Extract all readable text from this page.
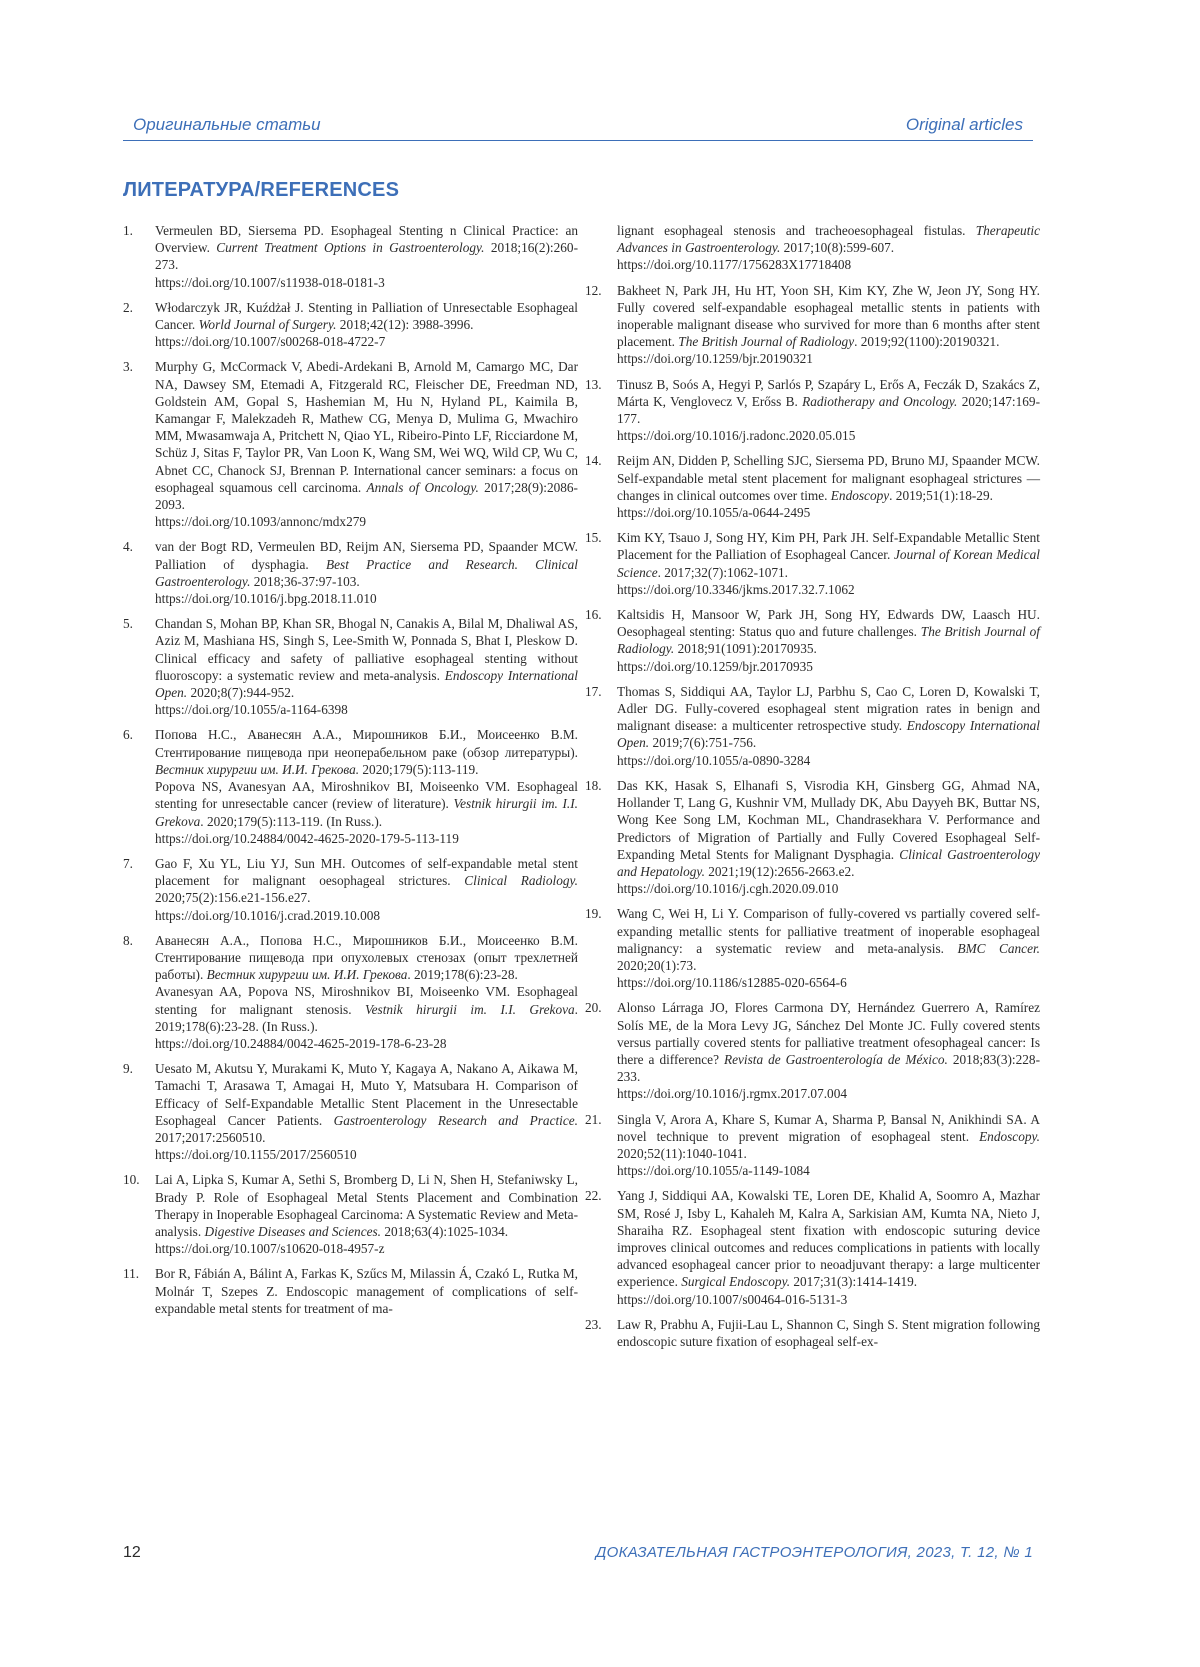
Оригинальные статьи	Original articles
ЛИТЕРАТУРА/REFERENCES
1.	Vermeulen BD, Siersema PD. Esophageal Stenting n Clinical Practice: an Overview. Current Treatment Options in Gastroenterology. 2018;16(2):260-273.
https://doi.org/10.1007/s11938-018-0181-3
2.	Włodarczyk JR, Kuźdżał J. Stenting in Palliation of Unresectable Esophageal Cancer. World Journal of Surgery. 2018;42(12): 3988-3996.
https://doi.org/10.1007/s00268-018-4722-7
3.	Murphy G, McCormack V, Abedi-Ardekani B, Arnold M, Camargo MC, Dar NA, Dawsey SM, Etemadi A, Fitzgerald RC, Fleischer DE, Freedman ND, Goldstein AM, Gopal S, Hashemian M, Hu N, Hyland PL, Kaimila B, Kamangar F, Malekzadeh R, Mathew CG, Menya D, Mulima G, Mwachiro MM, Mwasamwaja A, Pritchett N, Qiao YL, Ribeiro-Pinto LF, Ricciardone M, Schüz J, Sitas F, Taylor PR, Van Loon K, Wang SM, Wei WQ, Wild CP, Wu C, Abnet CC, Chanock SJ, Brennan P. International cancer seminars: a focus on esophageal squamous cell carcinoma. Annals of Oncology. 2017;28(9):2086-2093.
https://doi.org/10.1093/annonc/mdx279
4.	van der Bogt RD, Vermeulen BD, Reijm AN, Siersema PD, Spaander MCW. Palliation of dysphagia. Best Practice and Research. Clinical Gastroenterology. 2018;36-37:97-103.
https://doi.org/10.1016/j.bpg.2018.11.010
5.	Chandan S, Mohan BP, Khan SR, Bhogal N, Canakis A, Bilal M, Dhaliwal AS, Aziz M, Mashiana HS, Singh S, Lee-Smith W, Ponnada S, Bhat I, Pleskow D. Clinical efficacy and safety of palliative esophageal stenting without fluoroscopy: a systematic review and meta-analysis. Endoscopy International Open. 2020;8(7):944-952.
https://doi.org/10.1055/a-1164-6398
6.	Попова Н.С., Аванесян А.А., Мирошников Б.И., Моисеенко В.М. Стентирование пищевода при неоперабельном раке (обзор литературы). Вестник хирургии им. И.И. Грекова. 2020;179(5):113-119.
Popova NS, Avanesyan AA, Miroshnikov BI, Moiseenko VM. Esophageal stenting for unresectable cancer (review of literature). Vestnik hirurgii im. I.I. Grekova. 2020;179(5):113-119. (In Russ.).
https://doi.org/10.24884/0042-4625-2020-179-5-113-119
7.	Gao F, Xu YL, Liu YJ, Sun MH. Outcomes of self-expandable metal stent placement for malignant oesophageal strictures. Clinical Radiology. 2020;75(2):156.e21-156.e27.
https://doi.org/10.1016/j.crad.2019.10.008
8.	Аванесян А.А., Попова Н.С., Мирошников Б.И., Моисеенко В.М. Стентирование пищевода при опухолевых стенозах (опыт трехлетней работы). Вестник хирургии им. И.И. Грекова. 2019;178(6):23-28.
Avanesyan AA, Popova NS, Miroshnikov BI, Moiseenko VM. Esophageal stenting for malignant stenosis. Vestnik hirurgii im. I.I. Grekova. 2019;178(6):23-28. (In Russ.).
https://doi.org/10.24884/0042-4625-2019-178-6-23-28
9.	Uesato M, Akutsu Y, Murakami K, Muto Y, Kagaya A, Nakano A, Aikawa M, Tamachi T, Arasawa T, Amagai H, Muto Y, Matsubara H. Comparison of Efficacy of Self-Expandable Metallic Stent Placement in the Unresectable Esophageal Cancer Patients. Gastroenterology Research and Practice. 2017;2017:2560510.
https://doi.org/10.1155/2017/2560510
10.	Lai A, Lipka S, Kumar A, Sethi S, Bromberg D, Li N, Shen H, Stefaniwsky L, Brady P. Role of Esophageal Metal Stents Placement and Combination Therapy in Inoperable Esophageal Carcinoma: A Systematic Review and Meta-analysis. Digestive Diseases and Sciences. 2018;63(4):1025-1034.
https://doi.org/10.1007/s10620-018-4957-z
11.	Bor R, Fábián A, Bálint A, Farkas K, Szűcs M, Milassin Á, Czakó L, Rutka M, Molnár T, Szepes Z. Endoscopic management of complications of self-expandable metal stents for treatment of ma-
lignant esophageal stenosis and tracheoesophageal fistulas. Therapeutic Advances in Gastroenterology. 2017;10(8):599-607.
https://doi.org/10.1177/1756283X17718408
12.	Bakheet N, Park JH, Hu HT, Yoon SH, Kim KY, Zhe W, Jeon JY, Song HY. Fully covered self-expandable esophageal metallic stents in patients with inoperable malignant disease who survived for more than 6 months after stent placement. The British Journal of Radiology. 2019;92(1100):20190321.
https://doi.org/10.1259/bjr.20190321
13.	Tinusz B, Soós A, Hegyi P, Sarlós P, Szapáry L, Erős A, Feczák D, Szakács Z, Márta K, Venglovecz V, Erőss B. Radiotherapy and Oncology. 2020;147:169-177.
https://doi.org/10.1016/j.radonc.2020.05.015
14.	Reijm AN, Didden P, Schelling SJC, Siersema PD, Bruno MJ, Spaander MCW. Self-expandable metal stent placement for malignant esophageal strictures — changes in clinical outcomes over time. Endoscopy. 2019;51(1):18-29.
https://doi.org/10.1055/a-0644-2495
15.	Kim KY, Tsauo J, Song HY, Kim PH, Park JH. Self-Expandable Metallic Stent Placement for the Palliation of Esophageal Cancer. Journal of Korean Medical Science. 2017;32(7):1062-1071.
https://doi.org/10.3346/jkms.2017.32.7.1062
16.	Kaltsidis H, Mansoor W, Park JH, Song HY, Edwards DW, Laasch HU. Oesophageal stenting: Status quo and future challenges. The British Journal of Radiology. 2018;91(1091):20170935.
https://doi.org/10.1259/bjr.20170935
17.	Thomas S, Siddiqui AA, Taylor LJ, Parbhu S, Cao C, Loren D, Kowalski T, Adler DG. Fully-covered esophageal stent migration rates in benign and malignant disease: a multicenter retrospective study. Endoscopy International Open. 2019;7(6):751-756.
https://doi.org/10.1055/a-0890-3284
18.	Das KK, Hasak S, Elhanafi S, Visrodia KH, Ginsberg GG, Ahmad NA, Hollander T, Lang G, Kushnir VM, Mullady DK, Abu Dayyeh BK, Buttar NS, Wong Kee Song LM, Kochman ML, Chandrasekhara V. Performance and Predictors of Migration of Partially and Fully Covered Esophageal Self-Expanding Metal Stents for Malignant Dysphagia. Clinical Gastroenterology and Hepatology. 2021;19(12):2656-2663.e2.
https://doi.org/10.1016/j.cgh.2020.09.010
19.	Wang C, Wei H, Li Y. Comparison of fully-covered vs partially covered self-expanding metallic stents for palliative treatment of inoperable esophageal malignancy: a systematic review and meta-analysis. BMC Cancer. 2020;20(1):73.
https://doi.org/10.1186/s12885-020-6564-6
20.	Alonso Lárraga JO, Flores Carmona DY, Hernández Guerrero A, Ramírez Solís ME, de la Mora Levy JG, Sánchez Del Monte JC. Fully covered stents versus partially covered stents for palliative treatment ofesophageal cancer: Is there a difference? Revista de Gastroenterología de México. 2018;83(3):228-233.
https://doi.org/10.1016/j.rgmx.2017.07.004
21.	Singla V, Arora A, Khare S, Kumar A, Sharma P, Bansal N, Anikhindi SA. A novel technique to prevent migration of esophageal stent. Endoscopy. 2020;52(11):1040-1041.
https://doi.org/10.1055/a-1149-1084
22.	Yang J, Siddiqui AA, Kowalski TE, Loren DE, Khalid A, Soomro A, Mazhar SM, Rosé J, Isby L, Kahaleh M, Kalra A, Sarkisian AM, Kumta NA, Nieto J, Sharaiha RZ. Esophageal stent fixation with endoscopic suturing device improves clinical outcomes and reduces complications in patients with locally advanced esophageal cancer prior to neoadjuvant therapy: a large multicenter experience. Surgical Endoscopy. 2017;31(3):1414-1419.
https://doi.org/10.1007/s00464-016-5131-3
23.	Law R, Prabhu A, Fujii-Lau L, Shannon C, Singh S. Stent migration following endoscopic suture fixation of esophageal self-ex-
12	ДОКАЗАТЕЛЬНАЯ ГАСТРОЭНТЕРОЛОГИЯ, 2023, Т. 12, № 1
